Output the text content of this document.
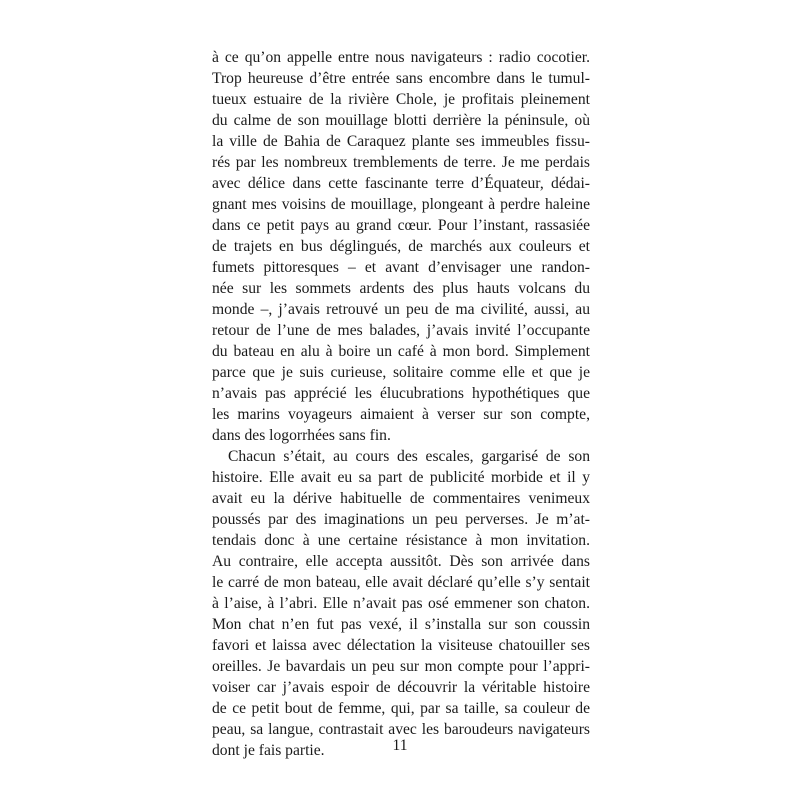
à ce qu’on appelle entre nous navigateurs : radio cocotier.
Trop heureuse d’être entrée sans encombre dans le tumul-
tueux estuaire de la rivière Chole, je profitais pleinement
du calme de son mouillage blotti derrière la péninsule, où
la ville de Bahia de Caraquez plante ses immeubles fissu-
rés par les nombreux tremblements de terre. Je me perdais
avec délice dans cette fascinante terre d’Équateur, dédai-
gnant mes voisins de mouillage, plongeant à perdre haleine
dans ce petit pays au grand cœur. Pour l’instant, rassasiée
de trajets en bus déglingués, de marchés aux couleurs et
fumets pittoresques – et avant d’envisager une randon-
née sur les sommets ardents des plus hauts volcans du
monde –, j’avais retrouvé un peu de ma civilité, aussi, au
retour de l’une de mes balades, j’avais invité l’occupante
du bateau en alu à boire un café à mon bord. Simplement
parce que je suis curieuse, solitaire comme elle et que je
n’avais pas apprécié les élucubrations hypothétiques que
les marins voyageurs aimaient à verser sur son compte,
dans des logorrhées sans fin.
Chacun s’était, au cours des escales, gargarisé de son
histoire. Elle avait eu sa part de publicité morbide et il y
avait eu la dérive habituelle de commentaires venimeux
poussés par des imaginations un peu perverses. Je m’at-
tendais donc à une certaine résistance à mon invitation.
Au contraire, elle accepta aussitôt. Dès son arrivée dans
le carré de mon bateau, elle avait déclaré qu’elle s’y sentait
à l’aise, à l’abri. Elle n’avait pas osé emmener son chaton.
Mon chat n’en fut pas vexé, il s’installa sur son coussin
favori et laissa avec délectation la visiteuse chatouiller ses
oreilles. Je bavardais un peu sur mon compte pour l’appri-
voiser car j’avais espoir de découvrir la véritable histoire
de ce petit bout de femme, qui, par sa taille, sa couleur de
peau, sa langue, contrastait avec les baroudeurs navigateurs
dont je fais partie.	11
